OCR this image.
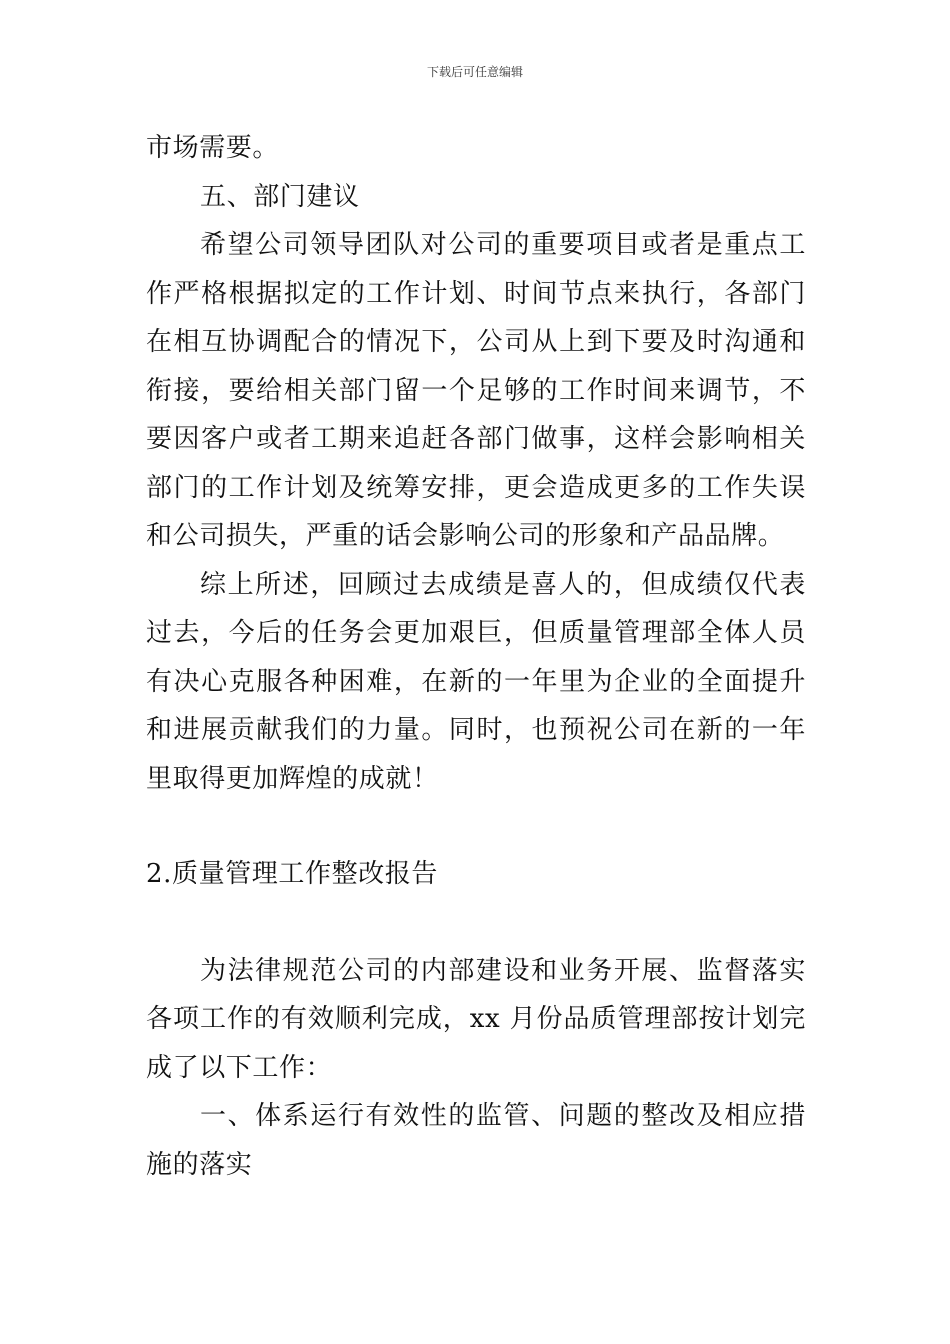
下载后可任意编辑

市场需要。

五、部门建议

希望公司领导团队对公司的重要项目或者是重点工作严格根据拟定的工作计划、时间节点来执行，各部门在相互协调配合的情况下，公司从上到下要及时沟通和衔接，要给相关部门留一个足够的工作时间来调节，不要因客户或者工期来追赶各部门做事，这样会影响相关部门的工作计划及统筹安排，更会造成更多的工作失误和公司损失，严重的话会影响公司的形象和产品品牌。

综上所述，回顾过去成绩是喜人的，但成绩仅代表过去，今后的任务会更加艰巨，但质量管理部全体人员有决心克服各种困难，在新的一年里为企业的全面提升和进展贡献我们的力量。同时，也预祝公司在新的一年里取得更加辉煌的成就！

2.质量管理工作整改报告

为法律规范公司的内部建设和业务开展、监督落实各项工作的有效顺利完成，xx 月份品质管理部按计划完成了以下工作：

一、体系运行有效性的监管、问题的整改及相应措施的落实
